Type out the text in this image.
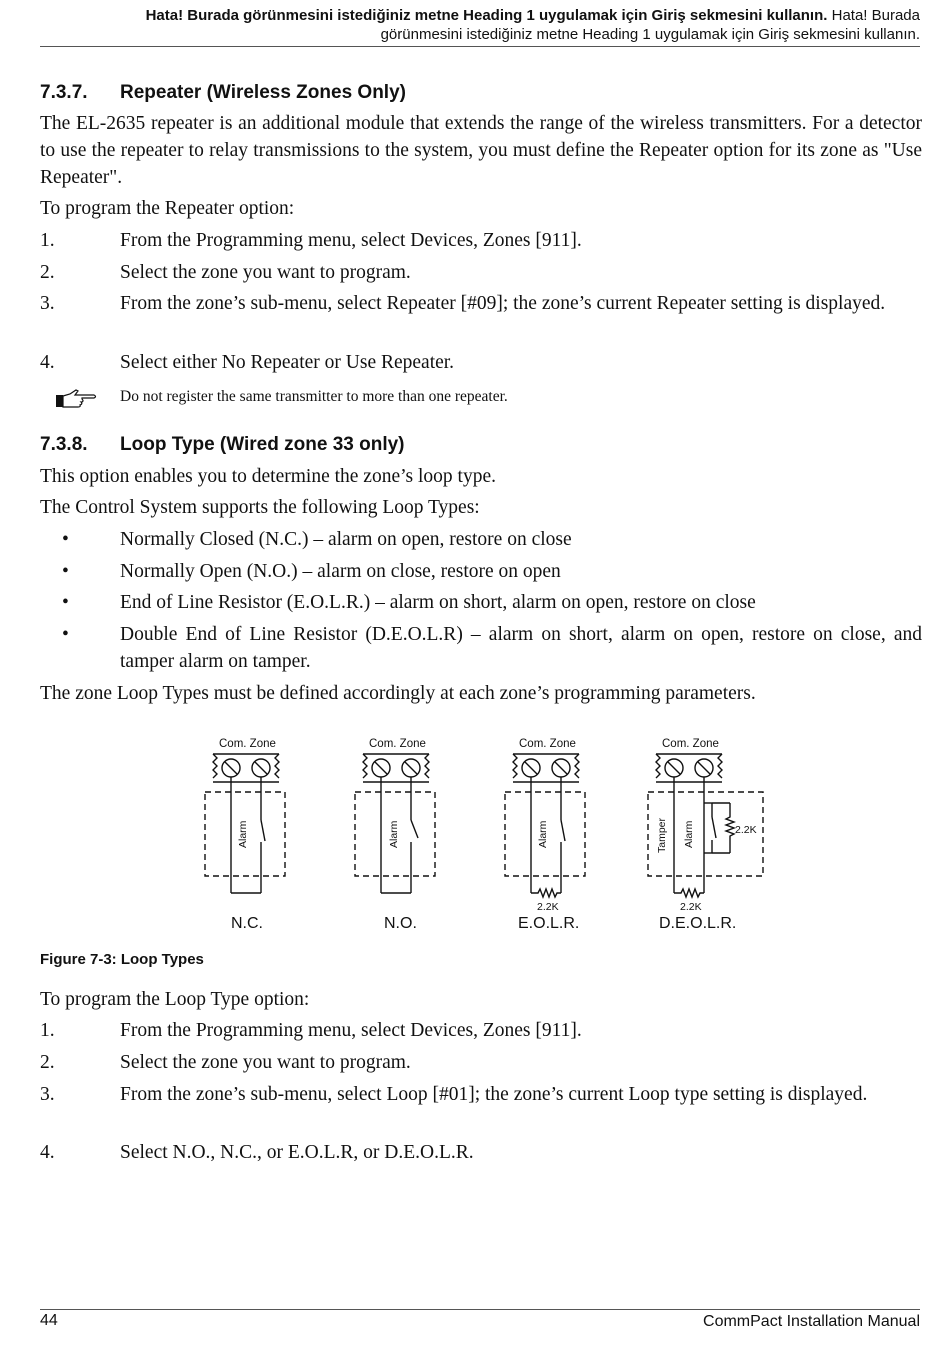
Hata! Burada görünmesini istediğiniz metne Heading 1 uygulamak için Giriş sekmesini kullanın. Hata! Burada
görünmesini istediğiniz metne Heading 1 uygulamak için Giriş sekmesini kullanın.
7.3.7. Repeater (Wireless Zones Only)
The EL-2635 repeater is an additional module that extends the range of the wireless transmitters. For a detector to use the repeater to relay transmissions to the system, you must define the Repeater option for its zone as "Use Repeater".
To program the Repeater option:
1.	From the Programming menu, select Devices, Zones [911].
2.	Select the zone you want to program.
3.	From the zone’s sub-menu, select Repeater [#09]; the zone’s current Repeater setting is displayed.
4.	Select either No Repeater or Use Repeater.
Do not register the same transmitter to more than one repeater.
7.3.8. Loop Type (Wired zone 33 only)
This option enables you to determine the zone’s loop type.
The Control System supports the following Loop Types:
•	Normally Closed (N.C.) – alarm on open, restore on close
•	Normally Open (N.O.) – alarm on close, restore on open
•	End of Line Resistor (E.O.L.R.) – alarm on short, alarm on open, restore on close
•	Double End of Line Resistor (D.E.O.L.R) – alarm on short, alarm on open, restore on close, and tamper alarm on tamper.
The zone Loop Types must be defined accordingly at each zone’s programming parameters.
Com. Zone	Com. Zone	Com. Zone	Com. Zone
Alarm	Alarm	Alarm	Alarm
Tamper
2.2K	2.2K
2.2K
N.C.	N.O.	E.O.L.R.	D.E.O.L.R.
Figure 7-3: Loop Types
To program the Loop Type option:
1.	From the Programming menu, select Devices, Zones [911].
2.	Select the zone you want to program.
3.	From the zone’s sub-menu, select Loop [#01]; the zone’s current Loop type setting is displayed.
4.	Select N.O., N.C., or E.O.L.R, or D.E.O.L.R.
44	CommPact Installation Manual
